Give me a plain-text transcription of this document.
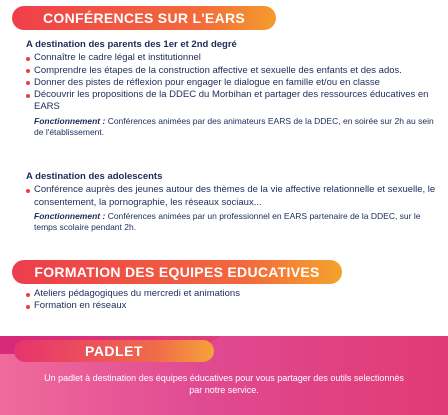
CONFÉRENCES SUR L'EARS
A destination des parents des 1er et 2nd degré
Connaître le cadre légal et institutionnel
Comprendre les étapes de la construction affective et sexuelle des enfants et des ados.
Donner des pistes de réflexion pour engager le dialogue en famille et/ou en classe
Découvrir les propositions de la DDEC du Morbihan et partager des ressources éducatives en EARS
Fonctionnement : Conférences animées par des animateurs EARS de la DDEC, en soirée sur 2h au sein de l'établissement.
A destination des adolescents
Conférence auprès des jeunes autour des thèmes de la vie affective relationnelle et sexuelle, le consentement, la pornographie, les réseaux sociaux...
Fonctionnement : Conférences animées par un professionnel en EARS partenaire de la DDEC, sur le temps scolaire pendant 2h.
FORMATION DES EQUIPES EDUCATIVES
Ateliers pédagogiques du mercredi et animations
Formation en réseaux
PADLET
Un padlet à destination des équipes éducatives pour vous partager des outils selectionnés par notre service.
